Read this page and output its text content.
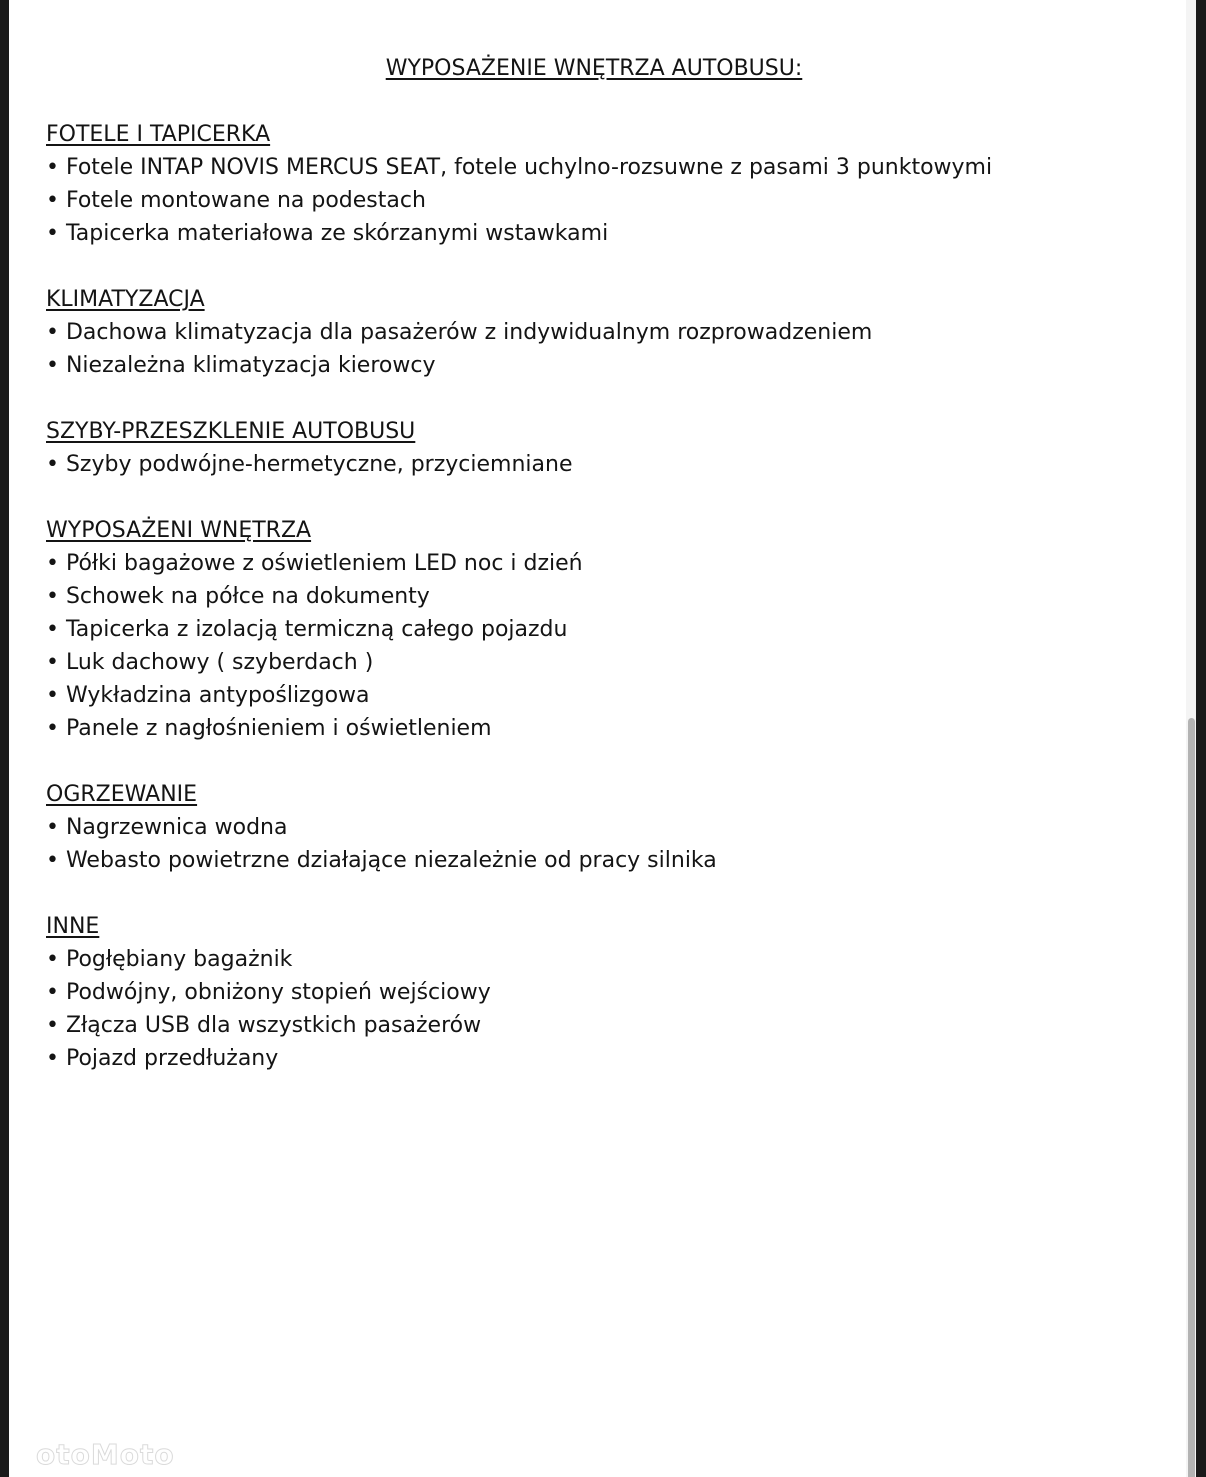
WYPOSAŻENIE WNĘTRZA AUTOBUSU:
FOTELE I TAPICERKA
• Fotele INTAP NOVIS MERCUS SEAT, fotele uchylno-rozsuwne z pasami 3 punktowymi
• Fotele montowane na podestach
• Tapicerka materiałowa ze skórzanymi wstawkami
KLIMATYZACJA
• Dachowa klimatyzacja dla pasażerów z indywidualnym rozprowadzeniem
• Niezależna klimatyzacja kierowcy
SZYBY-PRZESZKLENIE AUTOBUSU
• Szyby podwójne-hermetyczne, przyciemniane
WYPOSAŻENI WNĘTRZA
• Półki bagażowe z oświetleniem LED noc i dzień
• Schowek na półce na dokumenty
• Tapicerka z izolacją termiczną całego pojazdu
• Luk dachowy ( szyberdach )
• Wykładzina antypoślizgowa
• Panele z nagłośnieniem i oświetleniem
OGRZEWANIE
• Nagrzewnica wodna
• Webasto powietrzne działające niezależnie od pracy silnika
INNE
• Pogłębiany bagażnik
• Podwójny, obniżony stopień wejściowy
• Złącza USB dla wszystkich pasażerów
• Pojazd przedłużany
otoMoto
